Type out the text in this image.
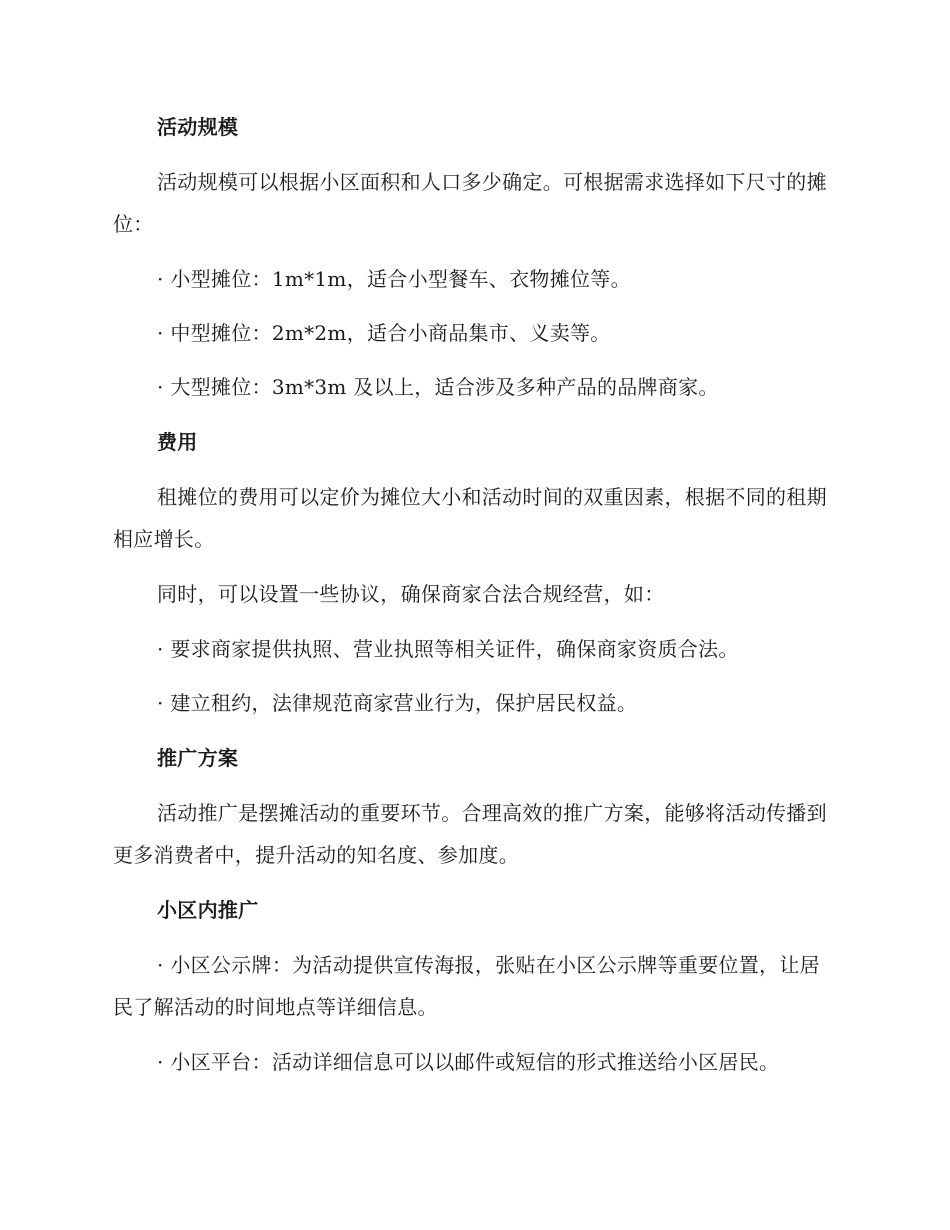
活动规模
活动规模可以根据小区面积和人口多少确定。可根据需求选择如下尺寸的摊位：
· 小型摊位：1m*1m，适合小型餐车、衣物摊位等。
· 中型摊位：2m*2m，适合小商品集市、义卖等。
· 大型摊位：3m*3m 及以上，适合涉及多种产品的品牌商家。
费用
租摊位的费用可以定价为摊位大小和活动时间的双重因素，根据不同的租期相应增长。
同时，可以设置一些协议，确保商家合法合规经营，如：
· 要求商家提供执照、营业执照等相关证件，确保商家资质合法。
· 建立租约，法律规范商家营业行为，保护居民权益。
推广方案
活动推广是摆摊活动的重要环节。合理高效的推广方案，能够将活动传播到更多消费者中，提升活动的知名度、参加度。
小区内推广
· 小区公示牌：为活动提供宣传海报，张贴在小区公示牌等重要位置，让居民了解活动的时间地点等详细信息。
· 小区平台：活动详细信息可以以邮件或短信的形式推送给小区居民。
